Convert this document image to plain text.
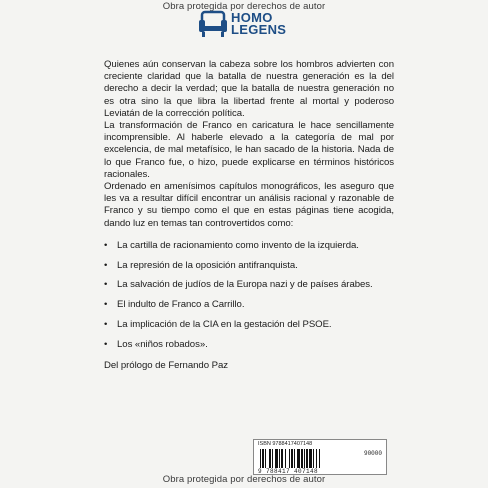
Obra protegida por derechos de autor
HOMO
LEGENS

Quienes aún conservan la cabeza sobre los hombros advierten con creciente claridad que la batalla de nuestra generación es la del derecho a decir la verdad; que la batalla de nuestra generación no es otra sino la que libra la libertad frente al mortal y poderoso Leviatán de la corrección política.

La transformación de Franco en caricatura le hace sencillamente incomprensible. Al haberle elevado a la categoría de mal por excelencia, de mal metafísico, le han sacado de la historia. Nada de lo que Franco fue, o hizo, puede explicarse en términos históricos racionales.

Ordenado en amenísimos capítulos monográficos, les aseguro que les va a resultar difícil encontrar un análisis racional y razonable de Franco y su tiempo como el que en estas páginas tiene acogida, dando luz en temas tan controvertidos como:

• La cartilla de racionamiento como invento de la izquierda.
• La represión de la oposición antifranquista.
• La salvación de judíos de la Europa nazi y de países árabes.
• El indulto de Franco a Carrillo.
• La implicación de la CIA en la gestación del PSOE.
• Los «niños robados».

Del prólogo de Fernando Paz

ISBN 9788417407148
90000
9 788417 407148
Obra protegida por derechos de autor
